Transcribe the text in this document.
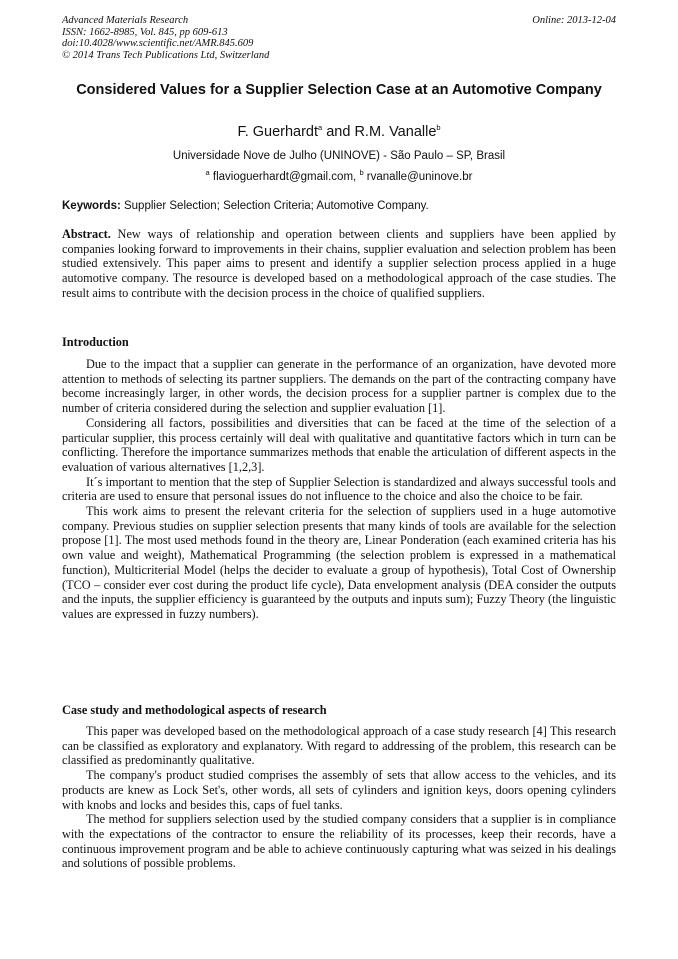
Advanced Materials Research
ISSN: 1662-8985, Vol. 845, pp 609-613
doi:10.4028/www.scientific.net/AMR.845.609
© 2014 Trans Tech Publications Ltd, Switzerland
Online: 2013-12-04
Considered Values for a Supplier Selection Case at an Automotive Company
F. Guerhardt$^a$ and R.M. Vanalle$^b$
Universidade Nove de Julho (UNINOVE) - São Paulo – SP, Brasil
$^a$ flavioguerhardt@gmail.com, $^b$ rvanalle@uninove.br
Keywords: Supplier Selection; Selection Criteria; Automotive Company.

Abstract. New ways of relationship and operation between clients and suppliers have been applied by companies looking forward to improvements in their chains, supplier evaluation and selection problem has been studied extensively. This paper aims to present and identify a supplier selection process applied in a huge automotive company. The resource is developed based on a methodological approach of the case studies. The result aims to contribute with the decision process in the choice of qualified suppliers.

Introduction

Due to the impact that a supplier can generate in the performance of an organization, have devoted more attention to methods of selecting its partner suppliers. The demands on the part of the contracting company have become increasingly larger, in other words, the decision process for a supplier partner is complex due to the number of criteria considered during the selection and supplier evaluation [1].

Considering all factors, possibilities and diversities that can be faced at the time of the selection of a particular supplier, this process certainly will deal with qualitative and quantitative factors which in turn can be conflicting. Therefore the importance summarizes methods that enable the articulation of different aspects in the evaluation of various alternatives [1,2,3].

It´s important to mention that the step of Supplier Selection is standardized and always successful tools and criteria are used to ensure that personal issues do not influence to the choice and also the choice to be fair.

This work aims to present the relevant criteria for the selection of suppliers used in a huge automotive company. Previous studies on supplier selection presents that many kinds of tools are available for the selection propose [1]. The most used methods found in the theory are, Linear Ponderation (each examined criteria has his own value and weight), Mathematical Programming (the selection problem is expressed in a mathematical function), Multicriterial Model (helps the decider to evaluate a group of hypothesis), Total Cost of Ownership (TCO – consider ever cost during the product life cycle), Data envelopment analysis (DEA consider the outputs and the inputs, the supplier efficiency is guaranteed by the outputs and inputs sum); Fuzzy Theory (the linguistic values are expressed in fuzzy numbers).

Case study and methodological aspects of research

This paper was developed based on the methodological approach of a case study research [4] This research can be classified as exploratory and explanatory. With regard to addressing of the problem, this research can be classified as predominantly qualitative.

The company's product studied comprises the assembly of sets that allow access to the vehicles, and its products are knew as Lock Set's, other words, all sets of cylinders and ignition keys, doors opening cylinders with knobs and locks and besides this, caps of fuel tanks.

The method for suppliers selection used by the studied company considers that a supplier is in compliance with the expectations of the contractor to ensure the reliability of its processes, keep their records, have a continuous improvement program and be able to achieve continuously capturing what was seized in his dealings and solutions of possible problems.
